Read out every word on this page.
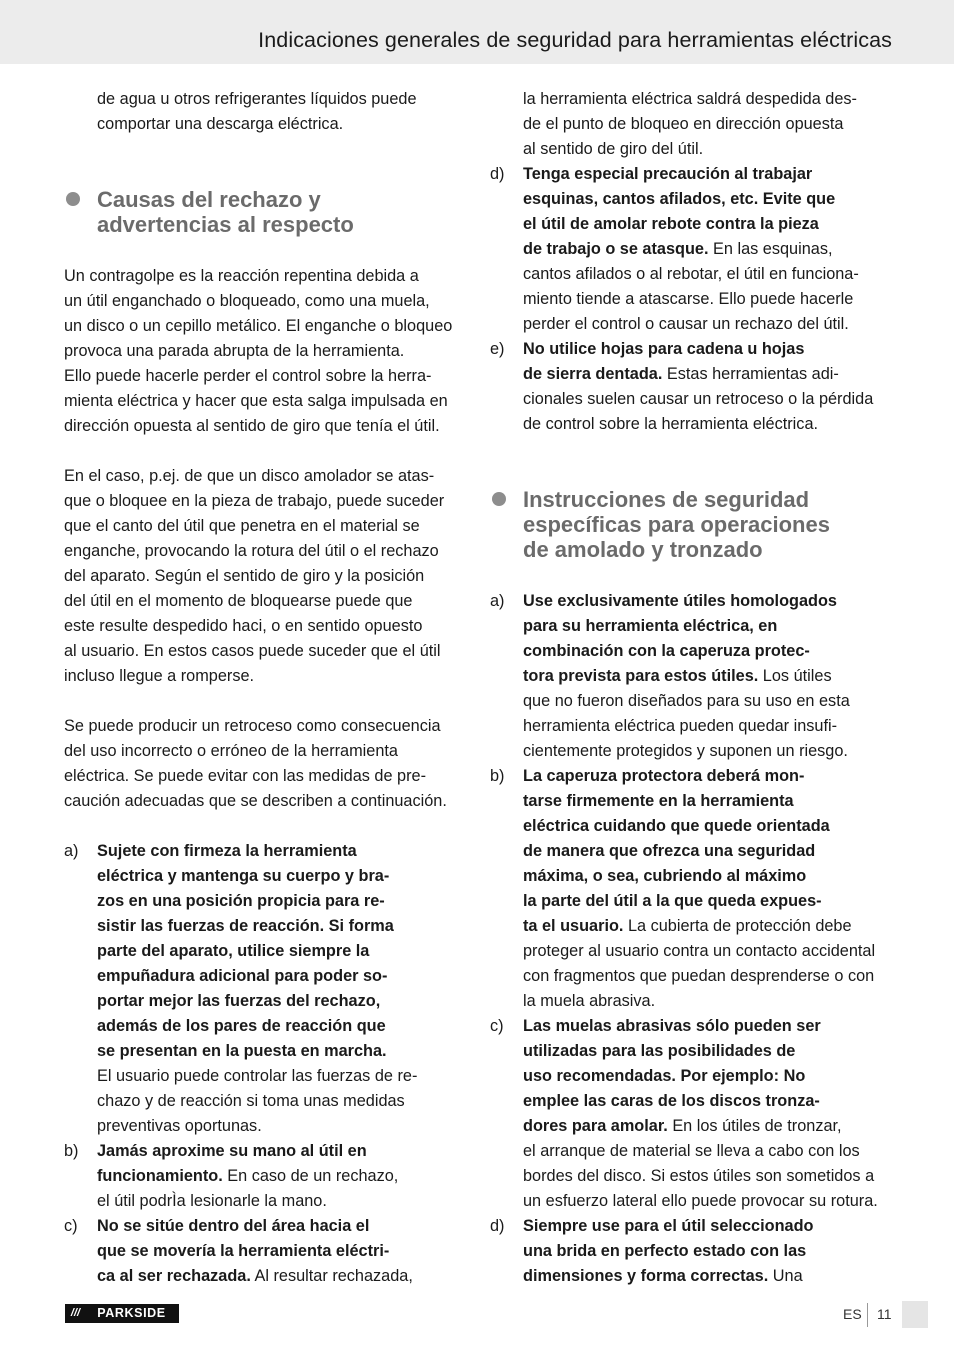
Indicaciones generales de seguridad para herramientas eléctricas

de agua u otros refrigerantes líquidos puede

comportar una descarga eléctrica.

Causas del rechazo y

advertencias al respecto

Un contragolpe es la reacción repentina debida a

un útil enganchado o bloqueado, como una muela,

un disco o un cepillo metálico. El enganche o bloqueo

provoca una parada abrupta de la herramienta.

Ello puede hacerle perder el control sobre la herra-

mienta eléctrica y hacer que esta salga impulsada en

dirección opuesta al sentido de giro que tenía el útil.

En el caso, p.ej. de que un disco amolador se atas-

que o bloquee en la pieza de trabajo, puede suceder

que el canto del útil que penetra en el material se

enganche, provocando la rotura del útil o el rechazo

del aparato. Según el sentido de giro y la posición

del útil en el momento de bloquearse puede que

este resulte despedido haci, o en sentido opuesto

al usuario. En estos casos puede suceder que el útil

incluso llegue a romperse.

Se puede producir un retroceso como consecuencia

del uso incorrecto o erróneo de la herramienta

eléctrica. Se puede evitar con las medidas de pre-

caución adecuadas que se describen a continuación.

a) Sujete con firmeza la herramienta

eléctrica y mantenga su cuerpo y bra-

zos en una posición propicia para re-

sistir las fuerzas de reacción. Si forma

parte del aparato, utilice siempre la

empuñadura adicional para poder so-

portar mejor las fuerzas del rechazo,

además de los pares de reacción que

se presentan en la puesta en marcha.

El usuario puede controlar las fuerzas de re-

chazo y de reacción si toma unas medidas

preventivas oportunas.

b) Jamás aproxime su mano al útil en

funcionamiento. En caso de un rechazo,

el útil podrÌa lesionarle la mano.

c) No se sitúe dentro del área hacia el

que se movería la herramienta eléctri-

ca al ser rechazada. Al resultar rechazada,

la herramienta eléctrica saldrá despedida des-

de el punto de bloqueo en dirección opuesta

al sentido de giro del útil.

d) Tenga especial precaución al trabajar

esquinas, cantos afilados, etc. Evite que

el útil de amolar rebote contra la pieza

de trabajo o se atasque. En las esquinas,

cantos afilados o al rebotar, el útil en funciona-

miento tiende a atascarse. Ello puede hacerle

perder el control o causar un rechazo del útil.

e) No utilice hojas para cadena u hojas

de sierra dentada. Estas herramientas adi-

cionales suelen causar un retroceso o la pérdida

de control sobre la herramienta eléctrica.

Instrucciones de seguridad

específicas para operaciones

de amolado y tronzado

a) Use exclusivamente útiles homologados

para su herramienta eléctrica, en

combinación con la caperuza protec-

tora prevista para estos útiles. Los útiles

que no fueron diseñados para su uso en esta

herramienta eléctrica pueden quedar insufi-

cientemente protegidos y suponen un riesgo.

b) La caperuza protectora deberá mon-

tarse firmemente en la herramienta

eléctrica cuidando que quede orientada

de manera que ofrezca una seguridad

máxima, o sea, cubriendo al máximo

la parte del útil a la que queda expues-

ta el usuario. La cubierta de protección debe

proteger al usuario contra un contacto accidental

con fragmentos que puedan desprenderse o con

la muela abrasiva.

c) Las muelas abrasivas sólo pueden ser

utilizadas para las posibilidades de

uso recomendadas. Por ejemplo: No

emplee las caras de los discos tronza-

dores para amolar. En los útiles de tronzar,

el arranque de material se lleva a cabo con los

bordes del disco. Si estos útiles son sometidos a

un esfuerzo lateral ello puede provocar su rotura.

d) Siempre use para el útil seleccionado

una brida en perfecto estado con las

dimensiones y forma correctas. Una

///	PARKSIDE	ES 11
